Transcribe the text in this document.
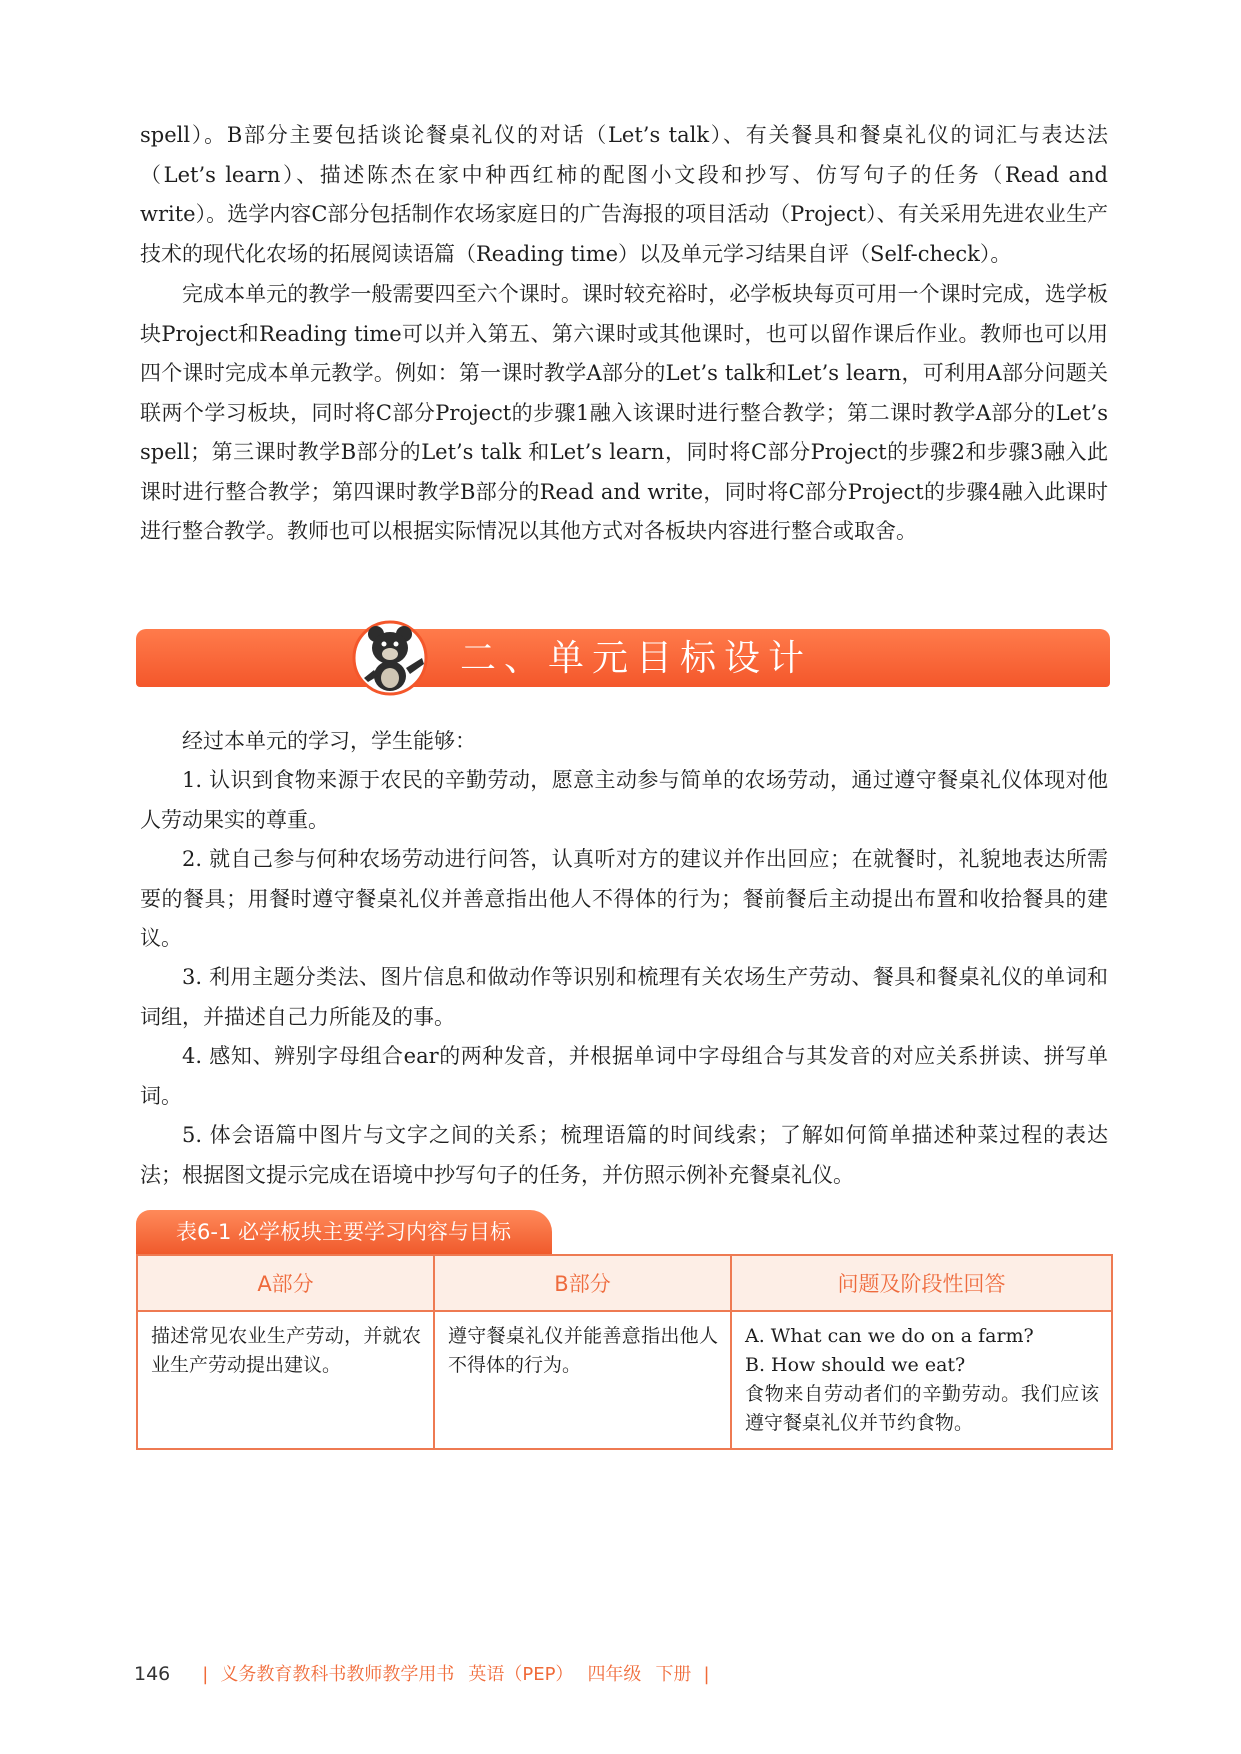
spell）。B部分主要包括谈论餐桌礼仪的对话（Let’s talk）、有关餐具和餐桌礼仪的词汇与表达法（Let’s learn）、描述陈杰在家中种西红柿的配图小文段和抄写、仿写句子的任务（Read and write）。选学内容C部分包括制作农场家庭日的广告海报的项目活动（Project）、有关采用先进农业生产技术的现代化农场的拓展阅读语篇（Reading time）以及单元学习结果自评（Self-check）。

完成本单元的教学一般需要四至六个课时。课时较充裕时，必学板块每页可用一个课时完成，选学板块Project和Reading time可以并入第五、第六课时或其他课时，也可以留作课后作业。教师也可以用四个课时完成本单元教学。例如：第一课时教学A部分的Let’s talk和Let’s learn，可利用A部分问题关联两个学习板块，同时将C部分Project的步骤1融入该课时进行整合教学；第二课时教学A部分的Let’s spell；第三课时教学B部分的Let’s talk 和Let’s learn，同时将C部分Project的步骤2和步骤3融入此课时进行整合教学；第四课时教学B部分的Read and write，同时将C部分Project的步骤4融入此课时进行整合教学。教师也可以根据实际情况以其他方式对各板块内容进行整合或取舍。

二、单元目标设计

经过本单元的学习，学生能够：

1. 认识到食物来源于农民的辛勤劳动，愿意主动参与简单的农场劳动，通过遵守餐桌礼仪体现对他人劳动果实的尊重。

2. 就自己参与何种农场劳动进行问答，认真听对方的建议并作出回应；在就餐时，礼貌地表达所需要的餐具；用餐时遵守餐桌礼仪并善意指出他人不得体的行为；餐前餐后主动提出布置和收拾餐具的建议。

3. 利用主题分类法、图片信息和做动作等识别和梳理有关农场生产劳动、餐具和餐桌礼仪的单词和词组，并描述自己力所能及的事。

4. 感知、辨别字母组合ear的两种发音，并根据单词中字母组合与其发音的对应关系拼读、拼写单词。

5. 体会语篇中图片与文字之间的关系；梳理语篇的时间线索；了解如何简单描述种菜过程的表达法；根据图文提示完成在语境中抄写句子的任务，并仿照示例补充餐桌礼仪。

表6-1 必学板块主要学习内容与目标
A部分	B部分	问题及阶段性回答
描述常见农业生产劳动，并就农业生产劳动提出建议。	遵守餐桌礼仪并能善意指出他人不得体的行为。	A. What can we do on a farm?
B. How should we eat?
食物来自劳动者们的辛勤劳动。我们应该遵守餐桌礼仪并节约食物。
146 | 义务教育教科书教师教学用书 英语（PEP） 四年级 下册 |
